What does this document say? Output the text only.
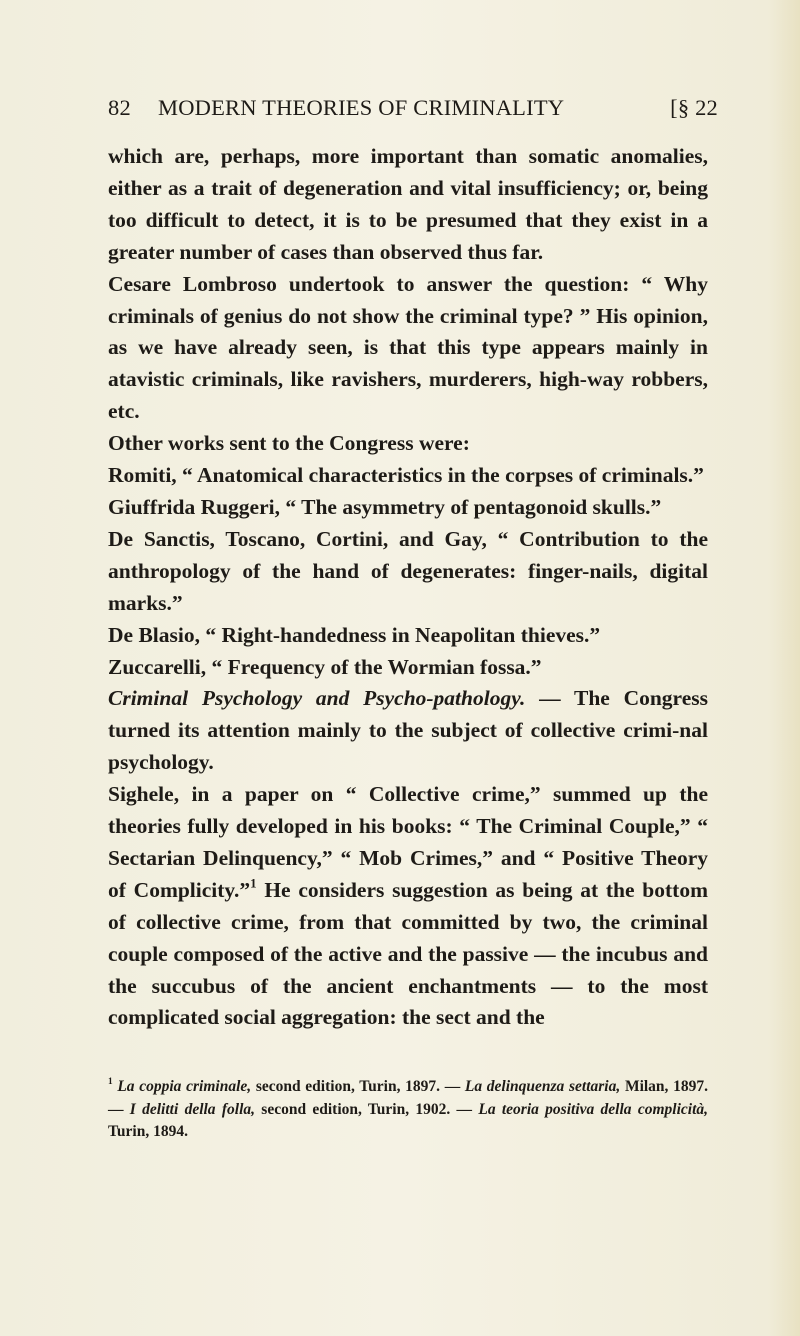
82 MODERN THEORIES OF CRIMINALITY	[§ 22

which are, perhaps, more important than somatic anomalies, either as a trait of degeneration and vital insufficiency; or, being too difficult to detect, it is to be presumed that they exist in a greater number of cases than observed thus far.

Cesare Lombroso undertook to answer the question: “ Why criminals of genius do not show the criminal type? ” His opinion, as we have already seen, is that this type appears mainly in atavistic criminals, like ravishers, murderers, high-way robbers, etc.

Other works sent to the Congress were:

Romiti, “ Anatomical characteristics in the corpses of criminals.”

Giuffrida Ruggeri, “ The asymmetry of pentagonoid skulls.”

De Sanctis, Toscano, Cortini, and Gay, “ Contribution to the anthropology of the hand of degenerates: finger-nails, digital marks.”

De Blasio, “ Right-handedness in Neapolitan thieves.”

Zuccarelli, “ Frequency of the Wormian fossa.”

Criminal Psychology and Psycho-pathology. — The Congress turned its attention mainly to the subject of collective crimi-nal psychology.

Sighele, in a paper on “ Collective crime,” summed up the theories fully developed in his books: “ The Criminal Couple,” “ Sectarian Delinquency,” “ Mob Crimes,” and “ Positive Theory of Complicity.”$^1$ He considers suggestion as being at the bottom of collective crime, from that committed by two, the criminal couple composed of the active and the passive — the incubus and the succubus of the ancient enchantments — to the most complicated social aggregation: the sect and the

$^1$ La coppia criminale, second edition, Turin, 1897. — La delinquenza settaria, Milan, 1897. — I delitti della folla, second edition, Turin, 1902. — La teoria positiva della complicità, Turin, 1894.
